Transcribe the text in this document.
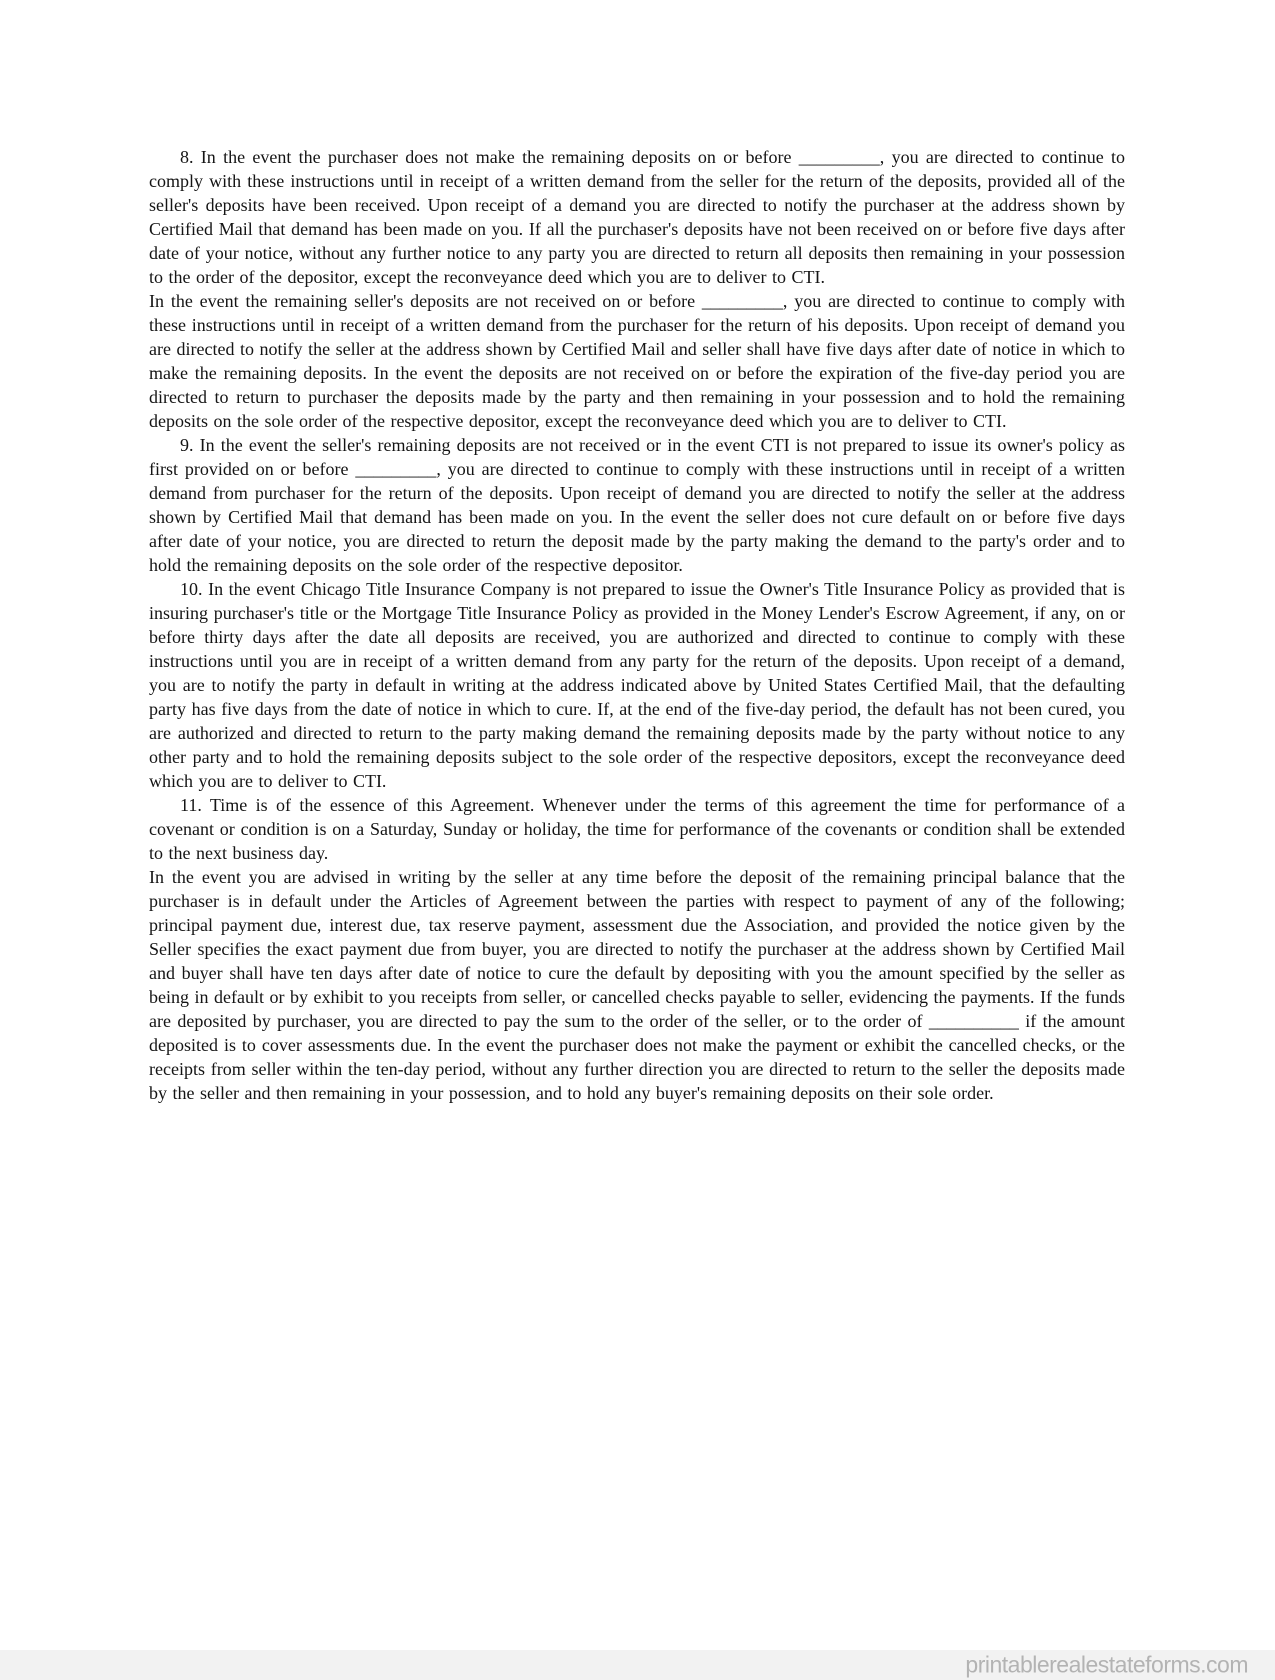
8. In the event the purchaser does not make the remaining deposits on or before _________, you are directed to continue to comply with these instructions until in receipt of a written demand from the seller for the return of the deposits, provided all of the seller's deposits have been received. Upon receipt of a demand you are directed to notify the purchaser at the address shown by Certified Mail that demand has been made on you. If all the purchaser's deposits have not been received on or before five days after date of your notice, without any further notice to any party you are directed to return all deposits then remaining in your possession to the order of the depositor, except the reconveyance deed which you are to deliver to CTI.

In the event the remaining seller's deposits are not received on or before _________, you are directed to continue to comply with these instructions until in receipt of a written demand from the purchaser for the return of his deposits. Upon receipt of demand you are directed to notify the seller at the address shown by Certified Mail and seller shall have five days after date of notice in which to make the remaining deposits. In the event the deposits are not received on or before the expiration of the five-day period you are directed to return to purchaser the deposits made by the party and then remaining in your possession and to hold the remaining deposits on the sole order of the respective depositor, except the reconveyance deed which you are to deliver to CTI.

9. In the event the seller's remaining deposits are not received or in the event CTI is not prepared to issue its owner's policy as first provided on or before _________, you are directed to continue to comply with these instructions until in receipt of a written demand from purchaser for the return of the deposits. Upon receipt of demand you are directed to notify the seller at the address shown by Certified Mail that demand has been made on you. In the event the seller does not cure default on or before five days after date of your notice, you are directed to return the deposit made by the party making the demand to the party's order and to hold the remaining deposits on the sole order of the respective depositor.

10. In the event Chicago Title Insurance Company is not prepared to issue the Owner's Title Insurance Policy as provided that is insuring purchaser's title or the Mortgage Title Insurance Policy as provided in the Money Lender's Escrow Agreement, if any, on or before thirty days after the date all deposits are received, you are authorized and directed to continue to comply with these instructions until you are in receipt of a written demand from any party for the return of the deposits. Upon receipt of a demand, you are to notify the party in default in writing at the address indicated above by United States Certified Mail, that the defaulting party has five days from the date of notice in which to cure. If, at the end of the five-day period, the default has not been cured, you are authorized and directed to return to the party making demand the remaining deposits made by the party without notice to any other party and to hold the remaining deposits subject to the sole order of the respective depositors, except the reconveyance deed which you are to deliver to CTI.

11. Time is of the essence of this Agreement. Whenever under the terms of this agreement the time for performance of a covenant or condition is on a Saturday, Sunday or holiday, the time for performance of the covenants or condition shall be extended to the next business day.

In the event you are advised in writing by the seller at any time before the deposit of the remaining principal balance that the purchaser is in default under the Articles of Agreement between the parties with respect to payment of any of the following; principal payment due, interest due, tax reserve payment, assessment due the Association, and provided the notice given by the Seller specifies the exact payment due from buyer, you are directed to notify the purchaser at the address shown by Certified Mail and buyer shall have ten days after date of notice to cure the default by depositing with you the amount specified by the seller as being in default or by exhibit to you receipts from seller, or cancelled checks payable to seller, evidencing the payments. If the funds are deposited by purchaser, you are directed to pay the sum to the order of the seller, or to the order of __________ if the amount deposited is to cover assessments due. In the event the purchaser does not make the payment or exhibit the cancelled checks, or the receipts from seller within the ten-day period, without any further direction you are directed to return to the seller the deposits made by the seller and then remaining in your possession, and to hold any buyer's remaining deposits on their sole order.

printablerealestateforms.com
